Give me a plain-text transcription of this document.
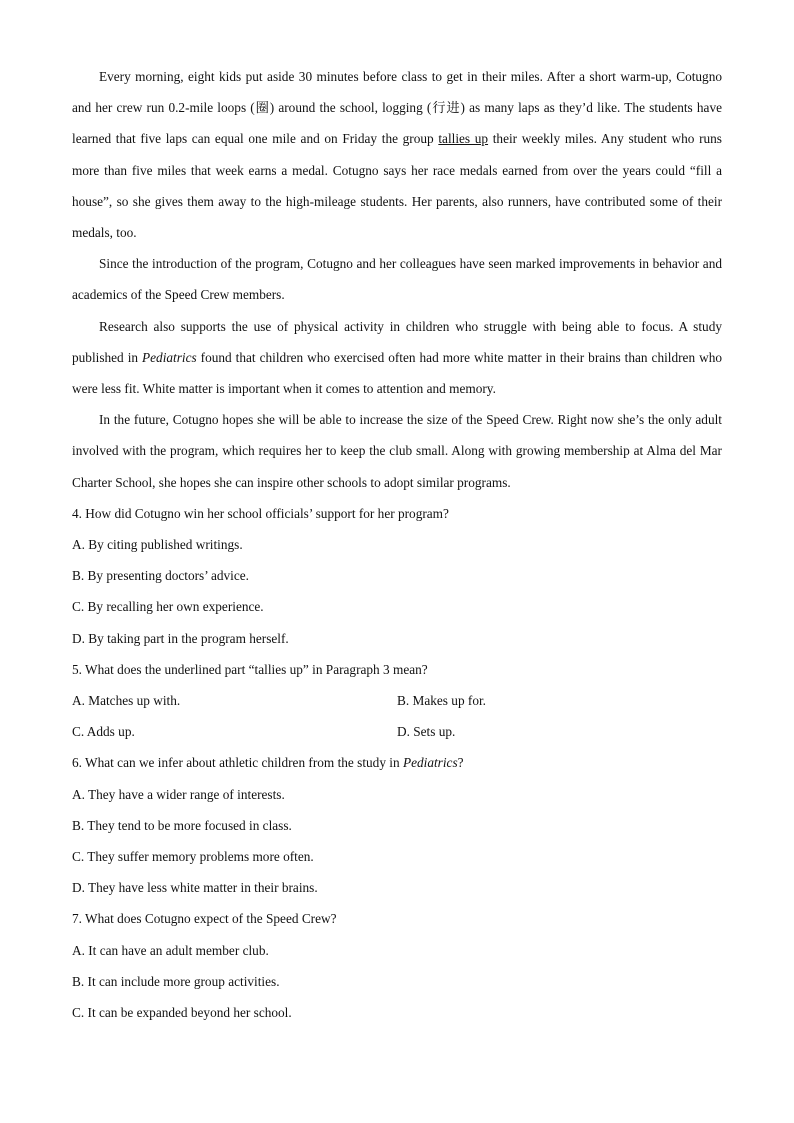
Every morning, eight kids put aside 30 minutes before class to get in their miles. After a short warm-up, Cotugno and her crew run 0.2-mile loops (圈) around the school, logging (行进) as many laps as they’d like. The students have learned that five laps can equal one mile and on Friday the group tallies up their weekly miles. Any student who runs more than five miles that week earns a medal. Cotugno says her race medals earned from over the years could “fill a house”, so she gives them away to the high-mileage students. Her parents, also runners, have contributed some of their medals, too.

Since the introduction of the program, Cotugno and her colleagues have seen marked improvements in behavior and academics of the Speed Crew members.

Research also supports the use of physical activity in children who struggle with being able to focus. A study published in Pediatrics found that children who exercised often had more white matter in their brains than children who were less fit. White matter is important when it comes to attention and memory.

In the future, Cotugno hopes she will be able to increase the size of the Speed Crew. Right now she’s the only adult involved with the program, which requires her to keep the club small. Along with growing membership at Alma del Mar Charter School, she hopes she can inspire other schools to adopt similar programs.

4. How did Cotugno win her school officials’ support for her program?

A. By citing published writings.

B. By presenting doctors’ advice.

C. By recalling her own experience.

D. By taking part in the program herself.

5. What does the underlined part “tallies up” in Paragraph 3 mean?

A. Matches up with.	B. Makes up for.
C. Adds up.	D. Sets up.

6. What can we infer about athletic children from the study in Pediatrics?

A. They have a wider range of interests.

B. They tend to be more focused in class.

C. They suffer memory problems more often.

D. They have less white matter in their brains.

7. What does Cotugno expect of the Speed Crew?

A. It can have an adult member club.

B. It can include more group activities.

C. It can be expanded beyond her school.
